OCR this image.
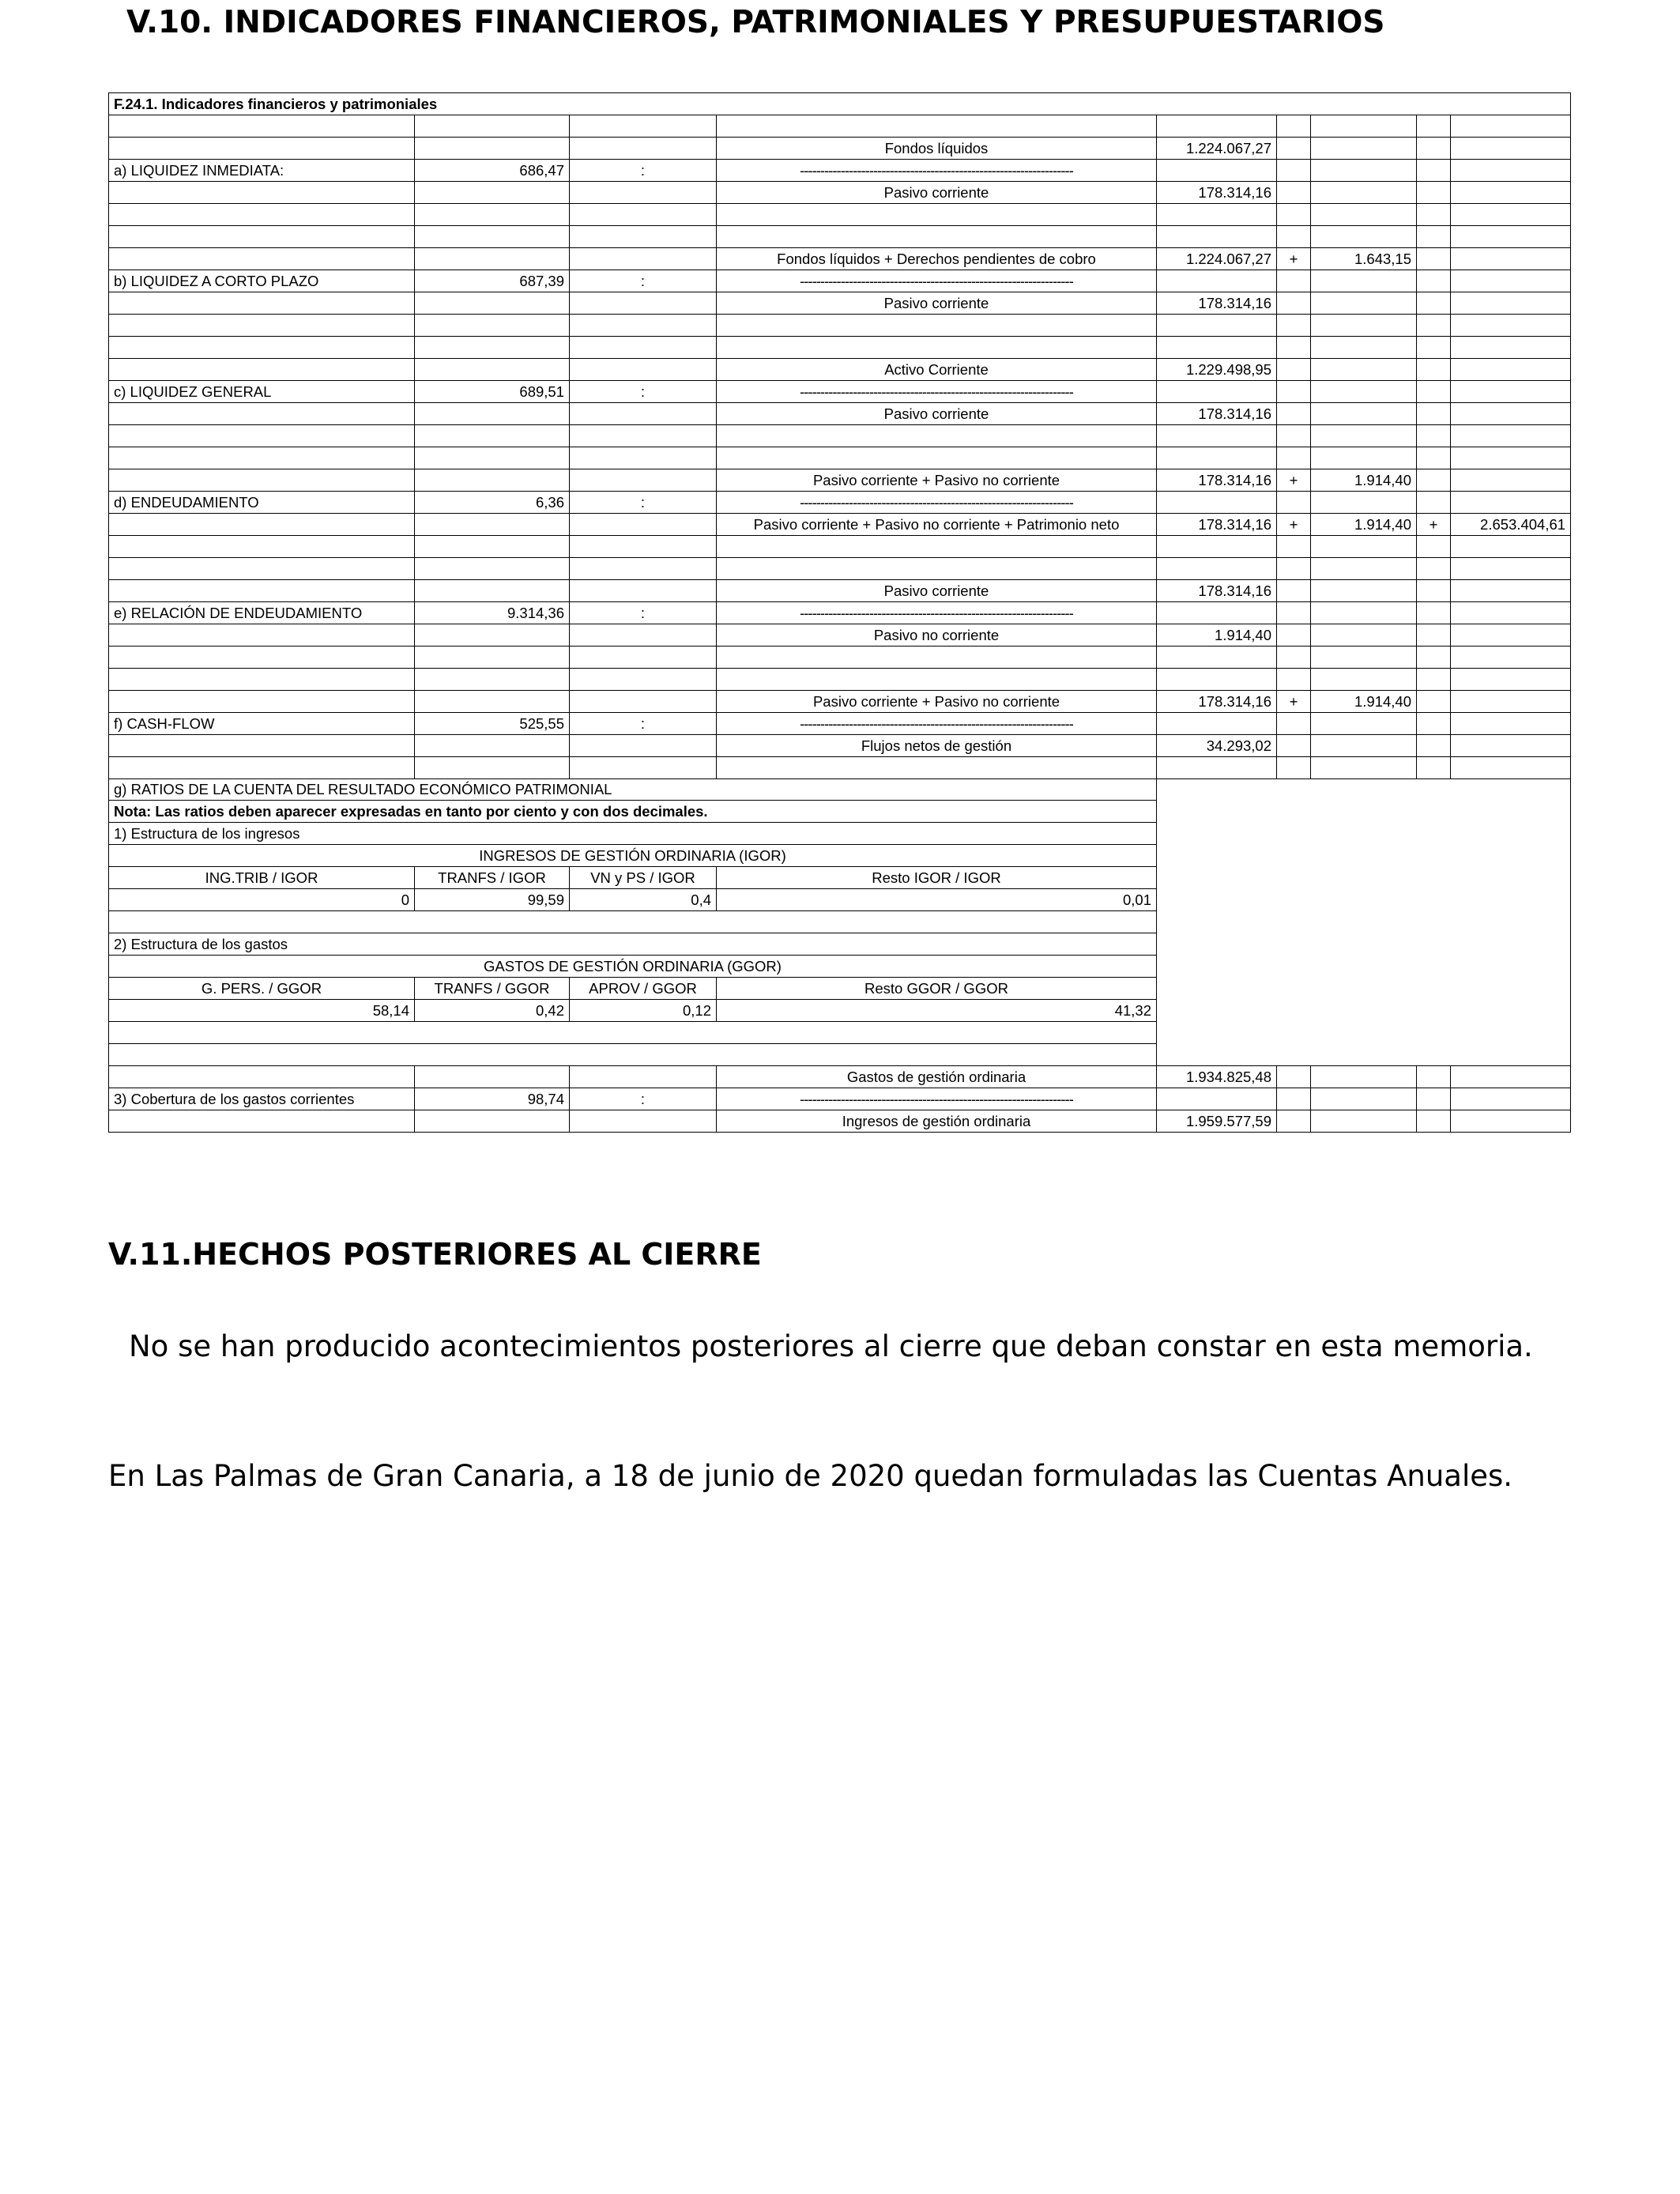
V.10. INDICADORES FINANCIEROS, PATRIMONIALES Y PRESUPUESTARIOS
F.24.1. Indicadores financieros y patrimoniales								

			Fondos líquidos	1.224.067,27				
a) LIQUIDEZ INMEDIATA:	686,47	:	-------------------------------------------------------------------					
			Pasivo corriente	178.314,16				

			Fondos líquidos + Derechos pendientes de cobro	1.224.067,27	+	1.643,15		
b) LIQUIDEZ A CORTO PLAZO	687,39	:	-------------------------------------------------------------------					
			Pasivo corriente	178.314,16				

			Activo Corriente	1.229.498,95				
c) LIQUIDEZ GENERAL	689,51	:	-------------------------------------------------------------------					
			Pasivo corriente	178.314,16				

			Pasivo corriente + Pasivo no corriente	178.314,16	+	1.914,40		
d) ENDEUDAMIENTO	6,36	:	-------------------------------------------------------------------					
			Pasivo corriente + Pasivo no corriente + Patrimonio neto	178.314,16	+	1.914,40	+	2.653.404,61

			Pasivo corriente	178.314,16				
e) RELACIÓN DE ENDEUDAMIENTO	9.314,36	:	-------------------------------------------------------------------					
			Pasivo no corriente	1.914,40				

			Pasivo corriente + Pasivo no corriente	178.314,16	+	1.914,40		
f) CASH-FLOW	525,55	:	-------------------------------------------------------------------					
			Flujos netos de gestión	34.293,02				

g) RATIOS DE LA CUENTA DEL RESULTADO ECONÓMICO PATRIMONIAL								
Nota: Las ratios deben aparecer expresadas en tanto por ciento y con dos decimales.								
1) Estructura de los ingresos								
INGRESOS DE GESTIÓN ORDINARIA (IGOR)								
ING.TRIB / IGOR	TRANFS / IGOR	VN y PS / IGOR	Resto IGOR / IGOR					
0	99,59	0,4	0,01					

2) Estructura de los gastos								
GASTOS DE GESTIÓN ORDINARIA (GGOR)								
G. PERS. / GGOR	TRANFS / GGOR	APROV / GGOR	Resto GGOR / GGOR					
58,14	0,42	0,12	41,32					

			Gastos de gestión ordinaria	1.934.825,48				
3) Cobertura de los gastos corrientes	98,74	:	-------------------------------------------------------------------					
			Ingresos de gestión ordinaria	1.959.577,59				
V.11.HECHOS POSTERIORES AL CIERRE
No se han producido acontecimientos posteriores al cierre que deban constar en esta memoria.
En Las Palmas de Gran Canaria, a 18 de junio de 2020 quedan formuladas las Cuentas Anuales.
